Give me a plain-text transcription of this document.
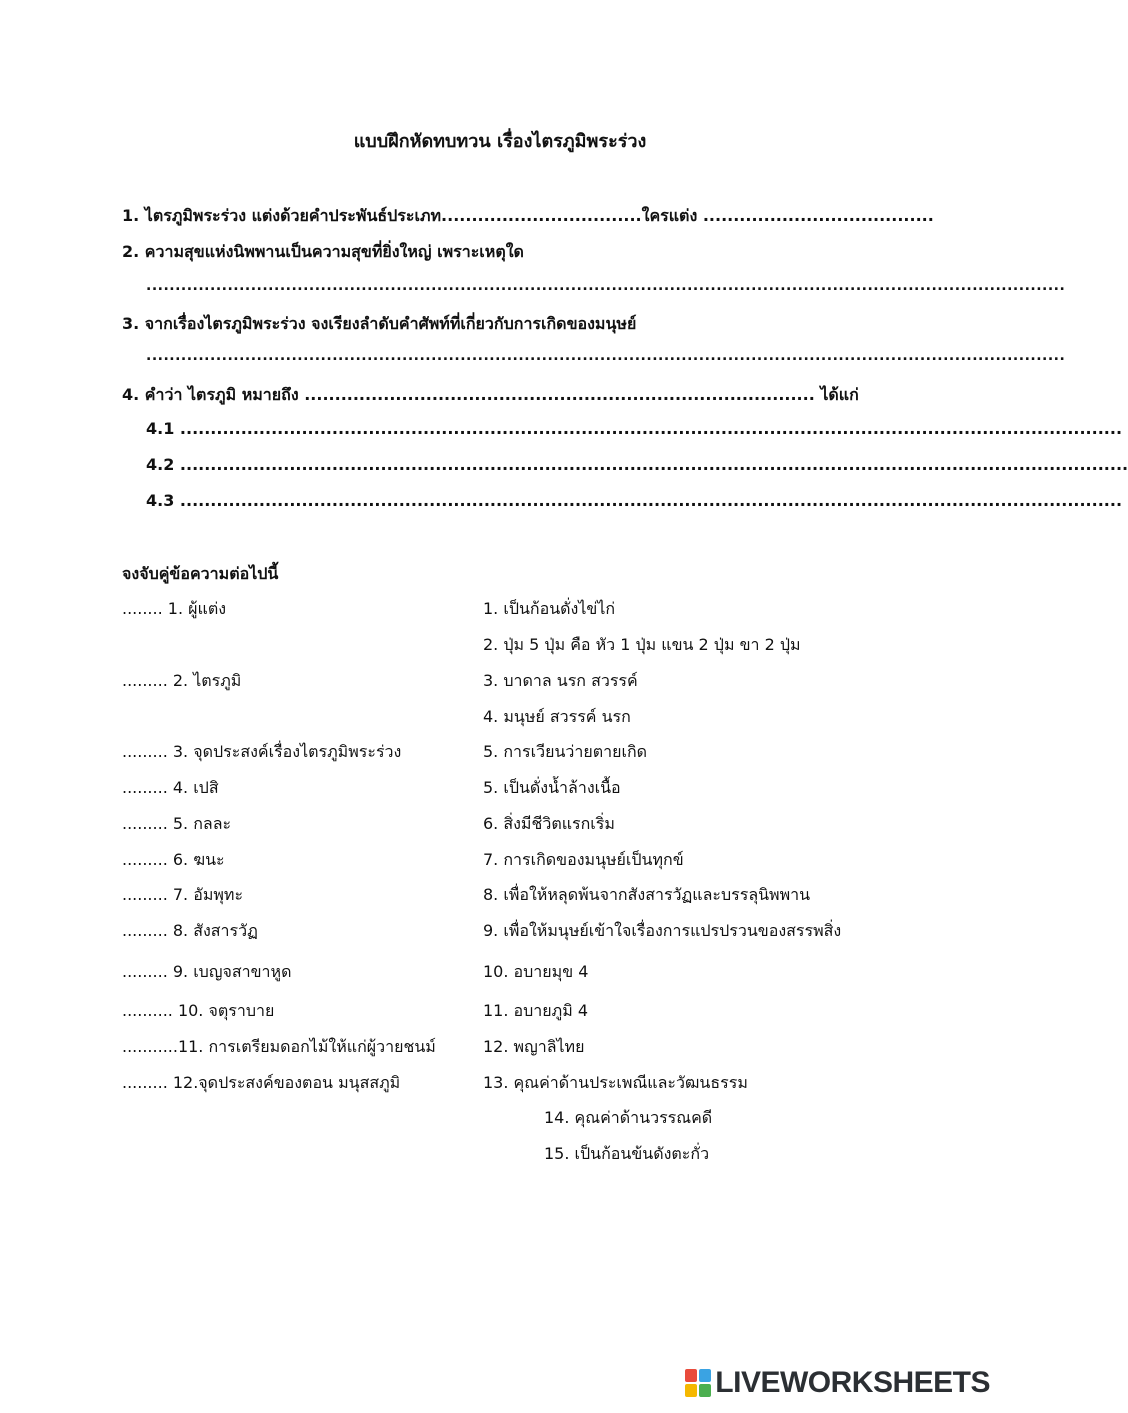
แบบฝึกหัดทบทวน เรื่องไตรภูมิพระร่วง
1. ไตรภูมิพระร่วง แต่งด้วยคำประพันธ์ประเภท.................................ใครแต่ง ......................................
2. ความสุขแห่งนิพพานเป็นความสุขที่ยิ่งใหญ่ เพราะเหตุใด
..............................................................................................................................................................
3. จากเรื่องไตรภูมิพระร่วง จงเรียงลำดับคำศัพท์ที่เกี่ยวกับการเกิดของมนุษย์
..............................................................................................................................................................
4. คำว่า ไตรภูมิ หมายถึง .................................................................................... ได้แก่
4.1 ...........................................................................................................................................................
4.2 ............................................................................................................................................................
4.3 ...........................................................................................................................................................
จงจับคู่ข้อความต่อไปนี้
........ 1. ผู้แต่ง
......... 2. ไตรภูมิ
......... 3. จุดประสงค์เรื่องไตรภูมิพระร่วง
......... 4. เปสิ
......... 5. กลละ
......... 6. ฆนะ
......... 7. อัมพุทะ
......... 8. สังสารวัฏ
......... 9. เบญจสาขาหูด
.......... 10. จตุราบาย
...........11. การเตรียมดอกไม้ให้แก่ผู้วายชนม์
......... 12.จุดประสงค์ของตอน มนุสสภูมิ
1. เป็นก้อนดั่งไข่ไก่
2. ปุ่ม 5 ปุ่ม คือ หัว 1 ปุ่ม แขน 2 ปุ่ม ขา 2 ปุ่ม
3. บาดาล นรก สวรรค์
4. มนุษย์ สวรรค์ นรก
5. การเวียนว่ายตายเกิด
5. เป็นดั่งน้ำล้างเนื้อ
6. สิ่งมีชีวิตแรกเริ่ม
7. การเกิดของมนุษย์เป็นทุกข์
8. เพื่อให้หลุดพ้นจากสังสารวัฏและบรรลุนิพพาน
9. เพื่อให้มนุษย์เข้าใจเรื่องการแปรปรวนของสรรพสิ่ง
10. อบายมุข 4
11. อบายภูมิ 4
12. พญาลิไทย
13. คุณค่าด้านประเพณีและวัฒนธรรม
14. คุณค่าด้านวรรณคดี
15. เป็นก้อนข้นดังตะกั่ว
LIVEWORKSHEETS
